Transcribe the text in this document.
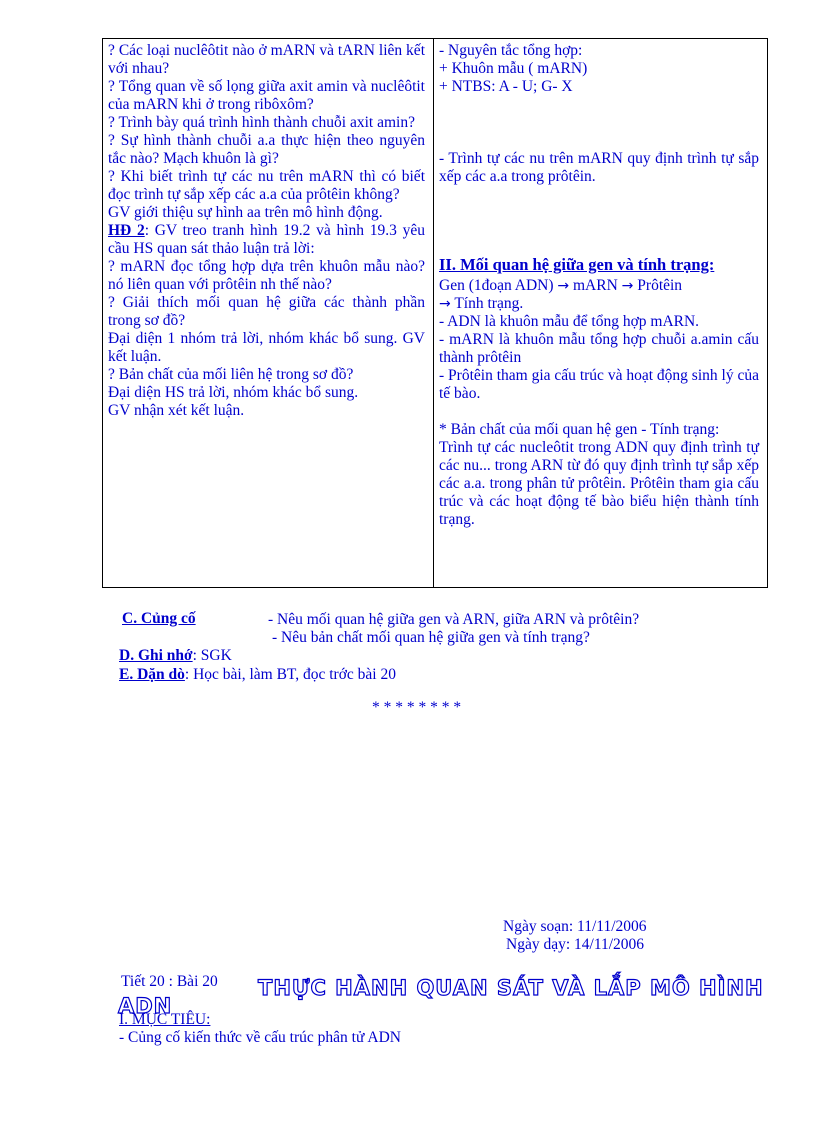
? Các loại nuclêôtit nào ở mARN và tARN liên kết với nhau?
? Tổng quan về số lọng giữa axit amin và nuclêôtit của mARN khi ở trong ribôxôm?
? Trình bày quá trình hình thành chuỗi axit amin?
? Sự hình thành chuỗi a.a thực hiện theo nguyên tắc nào? Mạch khuôn là gì?
? Khi biết trình tự các nu trên mARN thì có biết đọc trình tự sắp xếp các a.a của prôtêin không?
GV giới thiệu sự hình aa trên mô hình động.
HĐ 2: GV treo tranh hình 19.2 và hình 19.3 yêu cầu HS quan sát thảo luận trả lời:
? mARN đọc tổng hợp dựa trên khuôn mẫu nào? nó liên quan với prôtêin nh thế nào?
? Giải thích mối quan hệ giữa các thành phần trong sơ đồ?
Đại diện 1 nhóm trả lời, nhóm khác bổ sung. GV kết luận.
? Bản chất của mối liên hệ trong sơ đồ?
Đại diện HS trả lời, nhóm khác bổ sung.
GV nhận xét kết luận.
- Nguyên tắc tổng hợp:
+ Khuôn mẫu ( mARN)
+ NTBS: A - U; G- X
- Trình tự các nu trên mARN quy định trình tự sắp xếp các a.a trong prôtêin.
II. Mối quan hệ giữa gen và tính trạng:
Gen (1đoạn ADN) → mARN → Prôtêin
→ Tính trạng.
- ADN là khuôn mẫu để tổng hợp mARN.
- mARN là khuôn mẫu tổng hợp chuỗi a.amin cấu thành prôtêin
- Prôtêin tham gia cấu trúc và hoạt động sinh lý của tế bào.
* Bản chất của mối quan hệ gen - Tính trạng:
Trình tự các nucleôtit trong ADN quy định trình tự các nu... trong ARN từ đó quy định trình tự sắp xếp các a.a. trong phân tử prôtêin. Prôtêin tham gia cấu trúc và các hoạt động tế bào biểu hiện thành tính trạng.
C. Củng cố	- Nêu mối quan hệ giữa gen và ARN, giữa ARN và prôtêin?
- Nêu bản chất mối quan hệ giữa gen và tính trạng?
D. Ghi nhớ: SGK
E. Dặn dò: Học bài, làm BT, đọc trớc bài 20
* * * * * * * *
Ngày soạn: 11/11/2006
Ngày dạy: 14/11/2006
Tiết 20 : Bài 20 THỰC HÀNH QUAN SÁT VÀ LẮP MÔ HÌNH
ADN
I. MỤC TIÊU:
- Củng cố kiến thức về cấu trúc phân tử ADN
